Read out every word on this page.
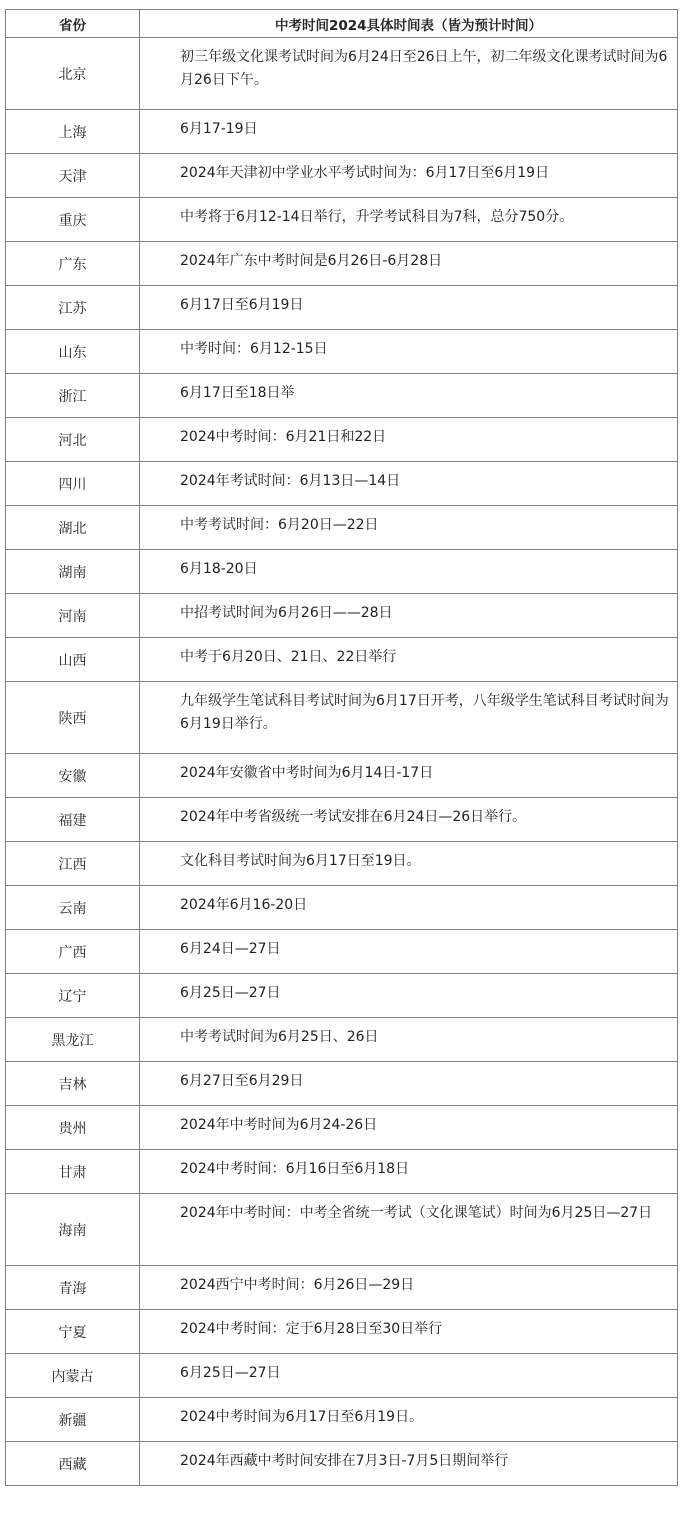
省份	中考时间2024具体时间表（皆为预计时间）
北京	初三年级文化课考试时间为6月24日至26日上午，初二年级文化课考试时间为6月26日下午。
上海	6月17-19日
天津	2024年天津初中学业水平考试时间为：6月17日至6月19日
重庆	中考将于6月12-14日举行，升学考试科目为7科，总分750分。
广东	2024年广东中考时间是6月26日-6月28日
江苏	6月17日至6月19日
山东	中考时间：6月12-15日
浙江	6月17日至18日举
河北	2024中考时间：6月21日和22日
四川	2024年考试时间：6月13日—14日
湖北	中考考试时间：6月20日—22日
湖南	6月18-20日
河南	中招考试时间为6月26日——28日
山西	中考于6月20日、21日、22日举行
陕西	九年级学生笔试科目考试时间为6月17日开考，八年级学生笔试科目考试时间为6月19日举行。
安徽	2024年安徽省中考时间为6月14日-17日
福建	2024年中考省级统一考试安排在6月24日—26日举行。
江西	文化科目考试时间为6月17日至19日。
云南	2024年6月16-20日
广西	6月24日—27日
辽宁	6月25日—27日
黑龙江	中考考试时间为6月25日、26日
吉林	6月27日至6月29日
贵州	2024年中考时间为6月24-26日
甘肃	2024中考时间：6月16日至6月18日
海南	2024年中考时间：中考全省统一考试（文化课笔试）时间为6月25日—27日
青海	2024西宁中考时间：6月26日—29日
宁夏	2024中考时间：定于6月28日至30日举行
内蒙古	6月25日—27日
新疆	2024中考时间为6月17日至6月19日。
西藏	2024年西藏中考时间安排在7月3日-7月5日期间举行
